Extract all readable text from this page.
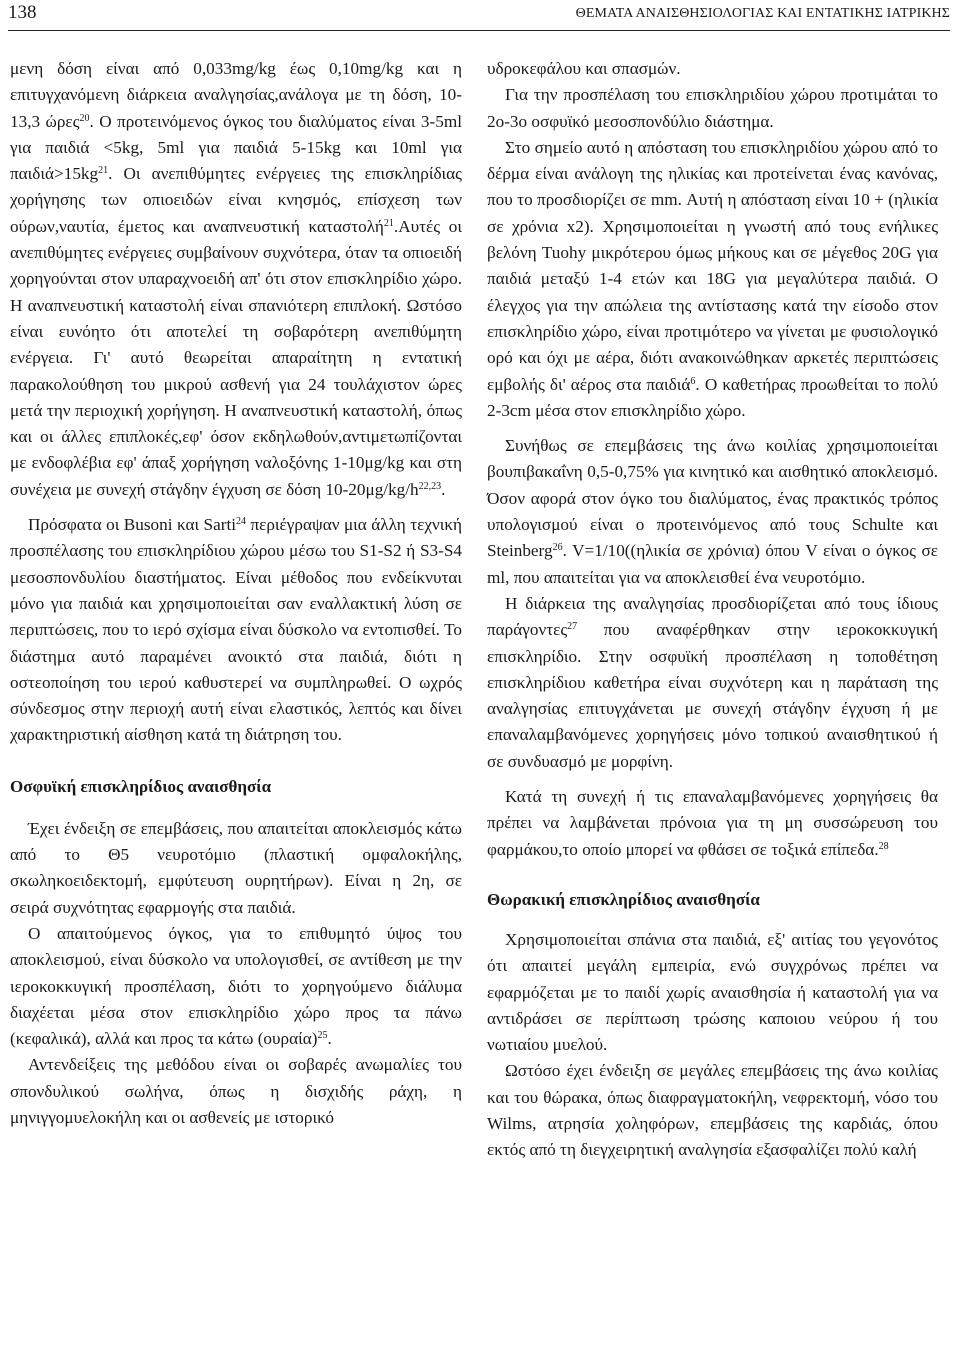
138	ΘΕΜΑΤΑ ΑΝΑΙΣΘΗΣΙΟΛΟΓΙΑΣ ΚΑΙ ΕΝΤΑΤΙΚΗΣ ΙΑΤΡΙΚΗΣ

μενη δόση είναι από 0,033mg/kg έως 0,10mg/kg και η επιτυγχανόμενη διάρκεια αναλγησίας,ανάλογα με τη δόση, 10-13,3 ώρες$^{20}$. Ο προτεινόμενος όγκος του διαλύματος είναι 3-5ml για παιδιά <5kg, 5ml για παιδιά 5-15kg και 10ml για $\pi\alpha\iota\delta\iota ά>15kg^{21}$. Οι ανεπιθύμητες ενέργειες της επισκληρίδιας χορήγησης των οπιοειδών είναι κνησμός, επίσχεση των ούρων,ναυτία, έμετος και αναπνευστική καταστολή$^{21}$.Αυτές οι ανεπιθύμητες ενέργειες συμβαίνουν συχνότερα, όταν τα οπιοειδή χορηγούνται στον υπαραχνοειδή απ' ότι στον επισκληρίδιο χώρο. Η αναπνευστική καταστολή είναι σπανιότερη επιπλοκή. Ωστόσο είναι ευνόητο ότι αποτελεί τη σοβαρότερη ανεπιθύμητη ενέργεια. Γι' αυτό θεωρείται απαραίτητη η εντατική παρακολούθηση του μικρού ασθενή για 24 τουλάχιστον ώρες μετά την περιοχική χορήγηση. Η αναπνευστική καταστολή, όπως και οι άλλες επιπλοκές,εφ' όσον εκδηλωθούν,αντιμετωπίζονται με ενδοφλέβια εφ' άπαξ χορήγηση ναλοξόνης 1-10μg/kg και στη συνέχεια με συνεχή στάγδην έγχυση σε δόση $10-20\mu g/kg/h^{22,23}$.

Πρόσφατα οι Busoni και Sarti$^{24}$ περιέγραψαν μια άλλη τεχνική προσπέλασης του επισκληρίδιου χώρου μέσω του S1-S2 ή S3-S4 μεσοσπονδυλίου διαστήματος. Είναι μέθοδος που ενδείκνυται μόνο για παιδιά και χρησιμοποιείται σαν εναλλακτική λύση σε περιπτώσεις, που το ιερό σχίσμα είναι δύσκολο να εντοπισθεί. Το διάστημα αυτό παραμένει ανοικτό στα παιδιά, διότι η οστεοποίηση του ιερού καθυστερεί να συμπληρωθεί. Ο ωχρός σύνδεσμος στην περιοχή αυτή είναι ελαστικός, λεπτός και δίνει χαρακτηριστική αίσθηση κατά τη διάτρηση του.

Οσφυϊκή επισκληρίδιος αναισθησία

Έχει ένδειξη σε επεμβάσεις, που απαιτείται αποκλεισμός κάτω από το Θ5 νευροτόμιο (πλαστική ομφαλοκήλης, σκωληκοειδεκτομή, εμφύτευση ουρητήρων). Είναι η 2η, σε σειρά συχνότητας εφαρμογής στα παιδιά.

Ο απαιτούμενος όγκος, για το επιθυμητό ύψος του αποκλεισμού, είναι δύσκολο να υπολογισθεί, σε αντίθεση με την ιεροκοκκυγική προσπέλαση, διότι το χορηγούμενο διάλυμα διαχέεται μέσα στον επισκληρίδιο χώρο προς τα πάνω (κεφαλικά), αλλά και προς τα κάτω $(o\upsilon\rho\alpha ί\alpha)^{25}$.

Αντενδείξεις της μεθόδου είναι οι σοβαρές ανωμαλίες του σπονδυλικού σωλήνα, όπως η δισχιδής ράχη, η μηνιγγομυελοκήλη και οι ασθενείς με ιστορικό

υδροκεφάλου και σπασμών.

Για την προσπέλαση του επισκληριδίου χώρου προτιμάται το 2ο-3ο οσφυϊκό μεσοσπονδύλιο διάστημα.

Στο σημείο αυτό η απόσταση του επισκληριδίου χώρου από το δέρμα είναι ανάλογη της ηλικίας και προτείνεται ένας κανόνας, που το προσδιορίζει σε mm. Αυτή η απόσταση είναι 10 + (ηλικία σε χρόνια x2). Χρησιμοποιείται η γνωστή από τους ενήλικες βελόνη Tuohy μικρότερου όμως μήκους και σε μέγεθος 20G για παιδιά μεταξύ 1-4 ετών και 18G για μεγαλύτερα παιδιά. Ο έλεγχος για την απώλεια της αντίστασης κατά την είσοδο στον επισκληρίδιο χώρο, είναι προτιμότερο να γίνεται με φυσιολογικό ορό και όχι με αέρα, διότι ανακοινώθηκαν αρκετές περιπτώσεις εμβολής δι' αέρος στα παιδιά$^6$. Ο καθετήρας προωθείται το πολύ 2-3cm μέσα στον επισκληρίδιο χώρο.

Συνήθως σε επεμβάσεις της άνω κοιλίας χρησιμοποιείται βουπιβακαΐνη 0,5-0,75% για κινητικό και αισθητικό αποκλεισμό. Όσον αφορά στον όγκο του διαλύματος, ένας πρακτικός τρόπος υπολογισμού είναι ο προτεινόμενος από τους Schulte και Steinberg$^{26}$. V=1/10((ηλικία σε χρόνια) όπου V είναι ο όγκος σε ml, που απαιτείται για να αποκλεισθεί ένα νευροτόμιο.

Η διάρκεια της αναλγησίας προσδιορίζεται από τους ίδιους παράγοντες$^{27}$ που αναφέρθηκαν στην ιεροκοκκυγική επισκληρίδιο. Στην οσφυϊκή προσπέλαση η τοποθέτηση επισκληρίδιου καθετήρα είναι συχνότερη και η παράταση της αναλγησίας επιτυγχάνεται με συνεχή στάγδην έγχυση ή με επαναλαμβανόμενες χορηγήσεις μόνο τοπικού αναισθητικού ή σε συνδυασμό με μορφίνη.

Κατά τη συνεχή ή τις επαναλαμβανόμενες χορηγήσεις θα πρέπει να λαμβάνεται πρόνοια για τη μη συσσώρευση του φαρμάκου,το οποίο μπορεί να φθάσει σε τοξικά επίπεδα.$^{28}$

Θωρακική επισκληρίδιος αναισθησία

Χρησιμοποιείται σπάνια στα παιδιά, εξ' αιτίας του γεγονότος ότι απαιτεί μεγάλη εμπειρία, ενώ συγχρόνως πρέπει να εφαρμόζεται με το παιδί χωρίς αναισθησία ή καταστολή για να αντιδράσει σε περίπτωση τρώσης καποιου νεύρου ή του νωτιαίου μυελού.

Ωστόσο έχει ένδειξη σε μεγάλες επεμβάσεις της άνω κοιλίας και του θώρακα, όπως διαφραγματοκήλη, νεφρεκτομή, νόσο του Wilms, ατρησία χοληφόρων, επεμβάσεις της καρδιάς, όπου εκτός από τη διεγχειρητική αναλγησία εξασφαλίζει πολύ καλή
